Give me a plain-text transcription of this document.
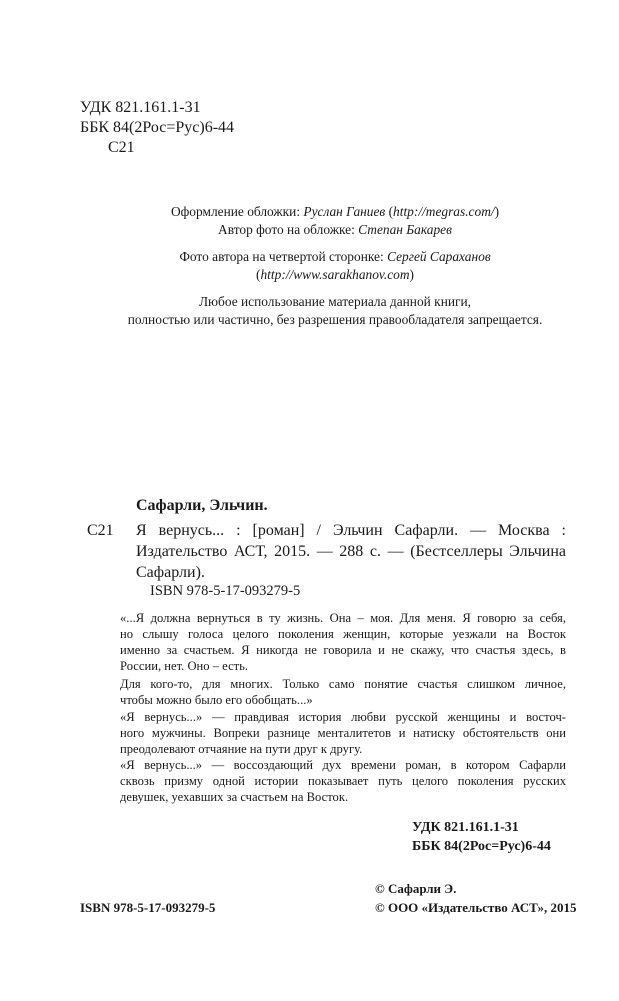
УДК 821.161.1-31
ББК 84(2Рос=Рус)6-44
С21
Оформление обложки: Руслан Ганиев (http://megras.com/)
Автор фото на обложке: Степан Бакарев
Фото автора на четвертой сторонке: Сергей Сараханов
(http://www.sarakhanov.com)
Любое использование материала данной книги,
полностью или частично, без разрешения правообладателя запрещается.
Сафарли, Эльчин.
С21 Я вернусь... : [роман] / Эльчин Сафарли. — Москва :
Издательство АСТ, 2015. — 288 с. — (Бестселлеры Эльчина
Сафарли).
ISBN 978-5-17-093279-5
«...Я должна вернуться в ту жизнь. Она – моя. Для меня. Я говорю за себя,
но слышу голоса целого поколения женщин, которые уезжали на Восток
именно за счастьем. Я никогда не говорила и не скажу, что счастья здесь, в
России, нет. Оно – есть.
Для кого-то, для многих. Только само понятие счастья слишком личное,
чтобы можно было его обобщать...»
«Я вернусь...» — правдивая история любви русской женщины и восточ-
ного мужчины. Вопреки разнице менталитетов и натиску обстоятельств они
преодолевают отчаяние на пути друг к другу.
«Я вернусь...» — воссоздающий дух времени роман, в котором Сафарли
сквозь призму одной истории показывает путь целого поколения русских
девушек, уехавших за счастьем на Восток.
УДК 821.161.1-31
ББК 84(2Рос=Рус)6-44
© Сафарли Э.
ISBN 978-5-17-093279-5	© ООО «Издательство АСТ», 2015
